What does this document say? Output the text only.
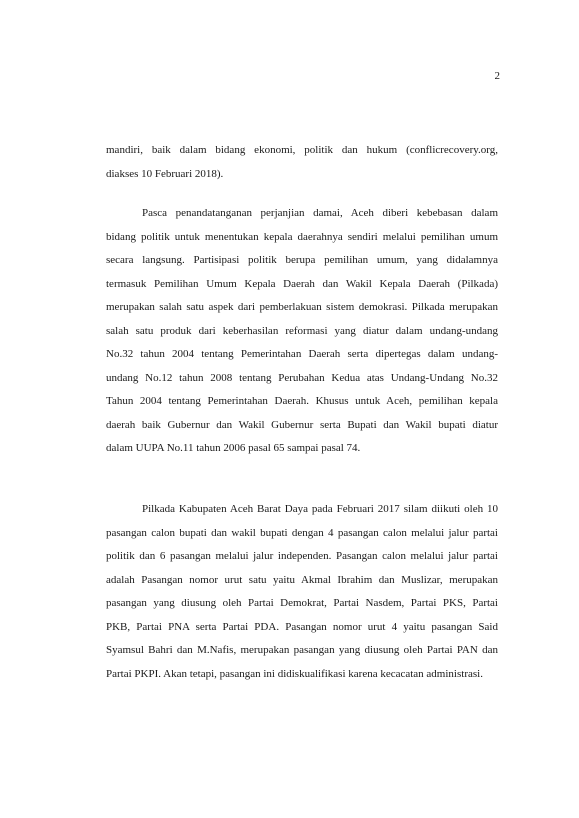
2
mandiri, baik dalam bidang ekonomi, politik dan hukum (conflicrecovery.org,
diakses 10 Februari 2018).
Pasca penandatanganan perjanjian damai, Aceh diberi kebebasan dalam
bidang politik untuk menentukan kepala daerahnya sendiri melalui pemilihan umum
secara langsung. Partisipasi politik berupa pemilihan umum, yang didalamnya
termasuk Pemilihan Umum Kepala Daerah dan Wakil Kepala Daerah (Pilkada)
merupakan salah satu aspek dari pemberlakuan sistem demokrasi. Pilkada merupakan
salah satu produk dari keberhasilan reformasi yang diatur dalam undang-undang
No.32 tahun 2004 tentang Pemerintahan Daerah serta dipertegas dalam undang-
undang No.12 tahun 2008 tentang Perubahan Kedua atas Undang-Undang No.32
Tahun 2004 tentang Pemerintahan Daerah. Khusus untuk Aceh, pemilihan kepala
daerah baik Gubernur dan Wakil Gubernur serta Bupati dan Wakil bupati diatur
dalam UUPA No.11 tahun 2006 pasal 65 sampai pasal 74.
Pilkada Kabupaten Aceh Barat Daya pada Februari 2017 silam diikuti oleh 10
pasangan calon bupati dan wakil bupati dengan 4 pasangan calon melalui jalur partai
politik dan 6 pasangan melalui jalur independen. Pasangan calon melalui jalur partai
adalah Pasangan nomor urut satu yaitu Akmal Ibrahim dan Muslizar, merupakan
pasangan yang diusung oleh Partai Demokrat, Partai Nasdem, Partai PKS, Partai
PKB, Partai PNA serta Partai PDA. Pasangan nomor urut 4 yaitu pasangan Said
Syamsul Bahri dan M.Nafis, merupakan pasangan yang diusung oleh Partai PAN dan
Partai PKPI. Akan tetapi, pasangan ini didiskualifikasi karena kecacatan administrasi.
